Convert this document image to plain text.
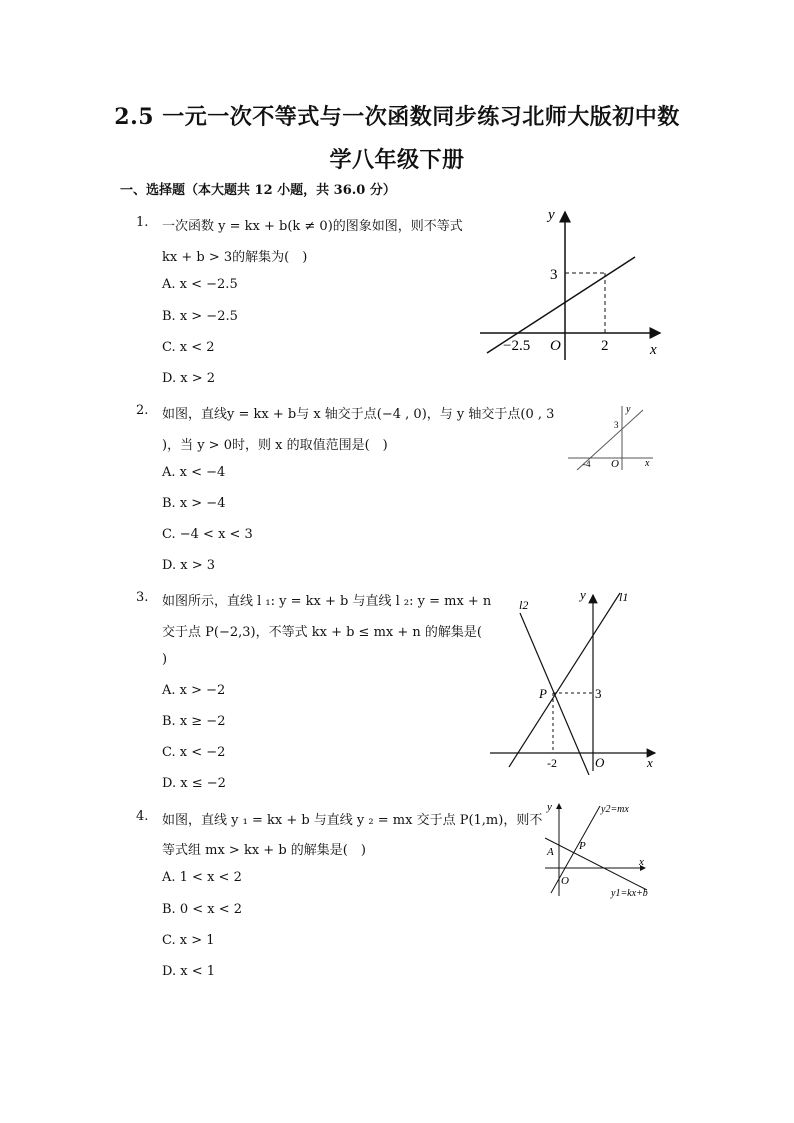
2.5 一元一次不等式与一次函数同步练习北师大版初中数
学八年级下册
一、选择题（本大题共 12 小题，共 36.0 分）
1. 一次函数 y = kx + b(k ≠ 0)的图象如图，则不等式
kx + b > 3的解集为(　)
A. x < −2.5
B. x > −2.5
C. x < 2
D. x > 2
y
x
O
3
−2.5	2
2. 如图，直线y = kx + b与 x 轴交于点(−4 , 0)，与 y 轴交于点(0 , 3
)，当 y > 0时，则 x 的取值范围是(　)
A. x < −4
B. x > −4
C. −4 < x < 3
D. x > 3
y
x
O
3
-4
3. 如图所示，直线 l ₁: y = kx + b 与直线 l ₂: y = mx + n
交于点 P(−2,3)，不等式 kx + b ≤ mx + n 的解集是(
)
A. x > −2
B. x ≥ −2
C. x < −2
D. x ≤ −2
y
x
O
3
-2
P
l1
l2
4. 如图，直线 y ₁ = kx + b 与直线 y ₂ = mx 交于点 P(1,m)，则不
等式组 mx > kx + b 的解集是(　)
A. 1 < x < 2
B. 0 < x < 2
C. x > 1
D. x < 1
y
x
O
A P
y2=mx
y1=kx+b
